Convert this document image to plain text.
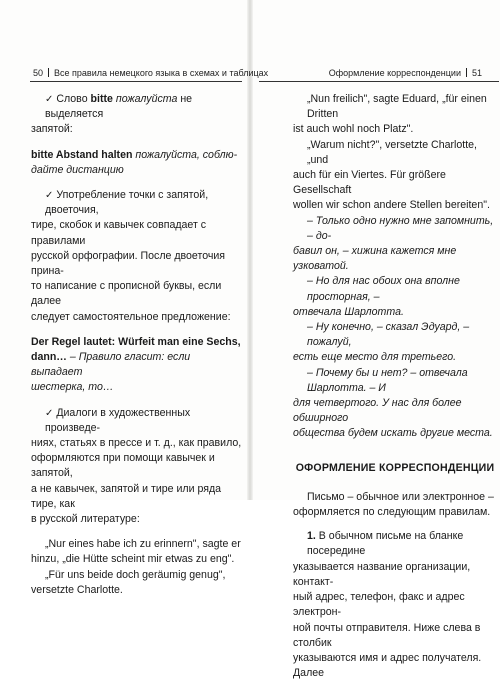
50 Все правила немецкого языка в схемах и таблицах

✓ Слово bitte пожалуйста не выделяется

запятой:

bitte Abstand halten пожалуйста, соблю-

дайте дистанцию

✓ Употребление точки с запятой, двоеточия,

тире, скобок и кавычек совпадает с правилами

русской орфографии. После двоеточия прина-

то написание с прописной буквы, если далее

следует самостоятельное предложение:

Der Regel lautet: Würfeit man eine Sechs,

dann… – Правило гласит: если выпадает

шестерка, то…

✓ Диалоги в художественных произведе-

ниях, статьях в прессе и т. д., как правило,

оформляются при помощи кавычек и запятой,

а не кавычек, запятой и тире или ряда тире, как

в русской литературе:

„Nur eines habe ich zu erinnern", sagte er

hinzu, „die Hütte scheint mir etwas zu eng".

„Für uns beide doch geräumig genug",

versetzte Charlotte.

Оформление корреспонденции 51

„Nun freilich", sagte Eduard, „für einen Dritten

ist auch wohl noch Platz".

„Warum nicht?", versetzte Charlotte, „und

auch für ein Viertes. Für größere Gesellschaft

wollen wir schon andere Stellen bereiten".

– Только одно нужно мне запомнить, – до-

бавил он, – хижина кажется мне узковатой.

– Но для нас обоих она вполне просторная, –

отвечала Шарлотта.

– Ну конечно, – сказал Эдуард, – пожалуй,

есть еще место для третьего.

– Почему бы и нет? – отвечала Шарлотта. – И

для четвертого. У нас для более обширного

общества будем искать другие места.

ОФОРМЛЕНИЕ КОРРЕСПОНДЕНЦИИ

Письмо – обычное или электронное –

оформляется по следующим правилам.

1. В обычном письме на бланке посередине

указывается название организации, контакт-

ный адрес, телефон, факс и адрес электрон-

ной почты отправителя. Ниже слева в столбик

указываются имя и адрес получателя. Далее
